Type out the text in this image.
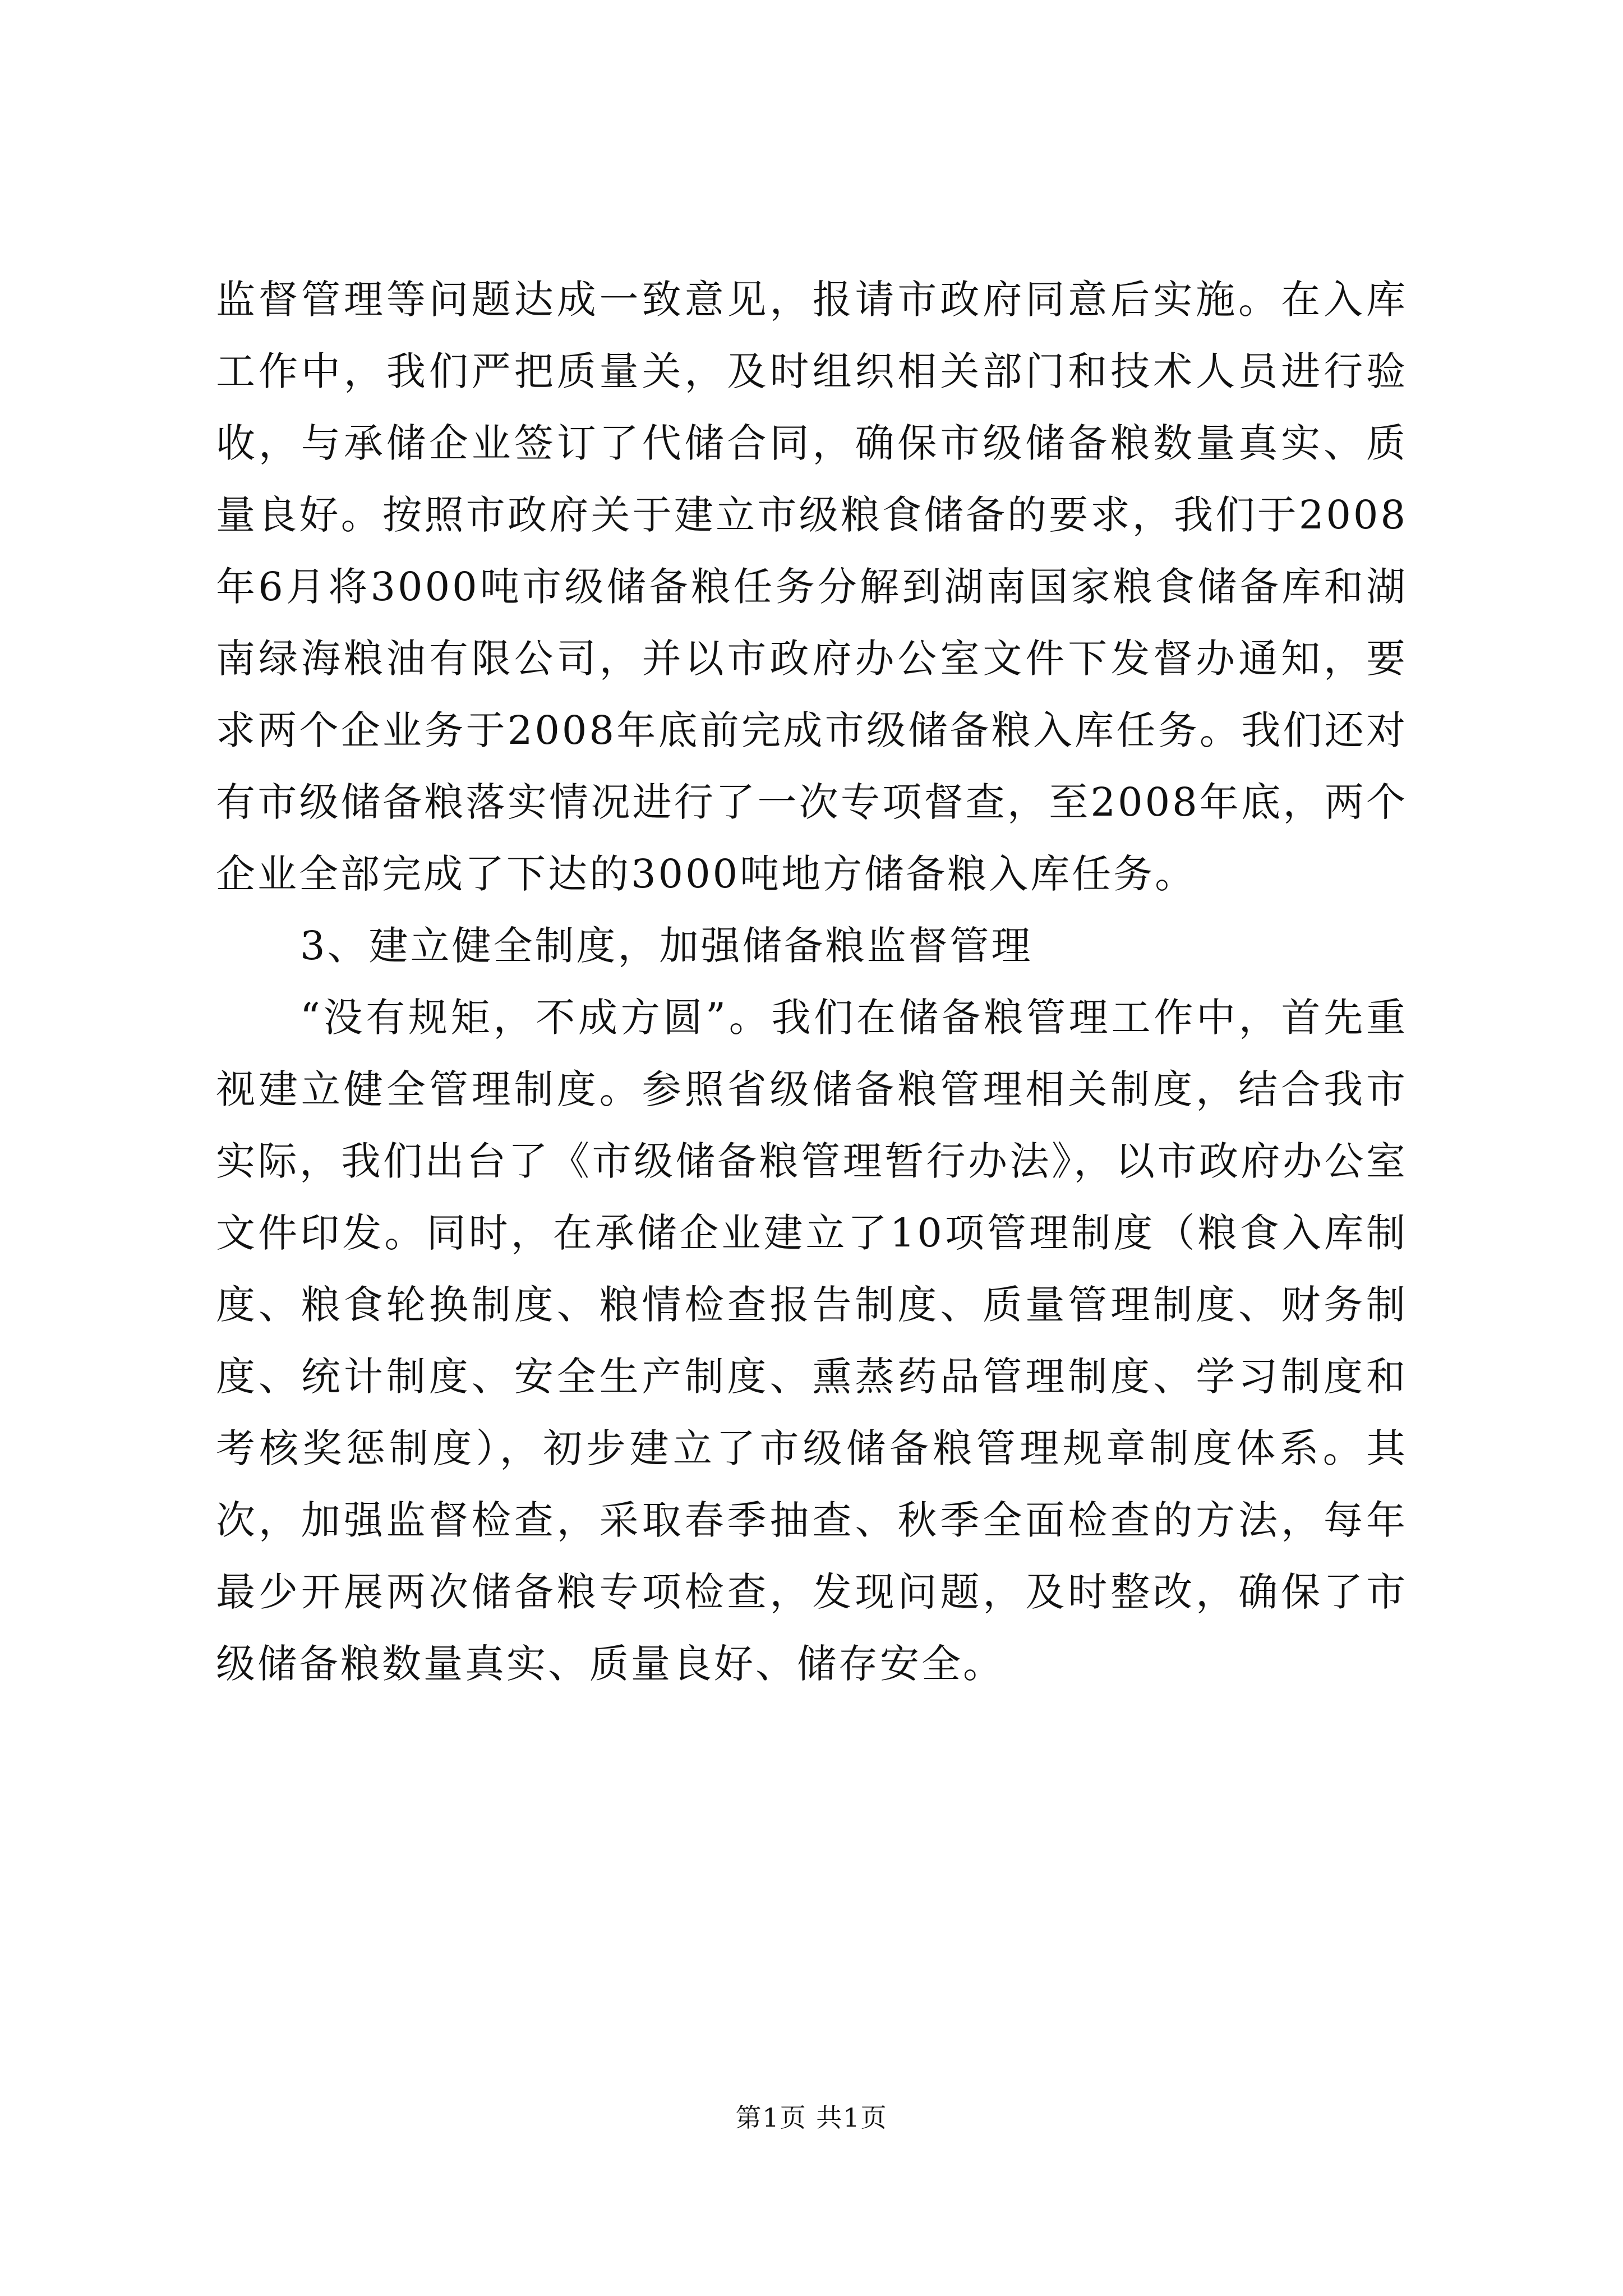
监督管理等问题达成一致意见，报请市政府同意后实施。在入库工作中，我们严把质量关，及时组织相关部门和技术人员进行验收，与承储企业签订了代储合同，确保市级储备粮数量真实、质量良好。按照市政府关于建立市级粮食储备的要求，我们于2008年6月将3000吨市级储备粮任务分解到湖南国家粮食储备库和湖南绿海粮油有限公司，并以市政府办公室文件下发督办通知，要求两个企业务于2008年底前完成市级储备粮入库任务。我们还对有市级储备粮落实情况进行了一次专项督查，至2008年底，两个企业全部完成了下达的3000吨地方储备粮入库任务。

3、建立健全制度，加强储备粮监督管理

“没有规矩，不成方圆”。我们在储备粮管理工作中，首先重视建立健全管理制度。参照省级储备粮管理相关制度，结合我市实际，我们出台了《市级储备粮管理暂行办法》，以市政府办公室文件印发。同时，在承储企业建立了10项管理制度（粮食入库制度、粮食轮换制度、粮情检查报告制度、质量管理制度、财务制度、统计制度、安全生产制度、熏蒸药品管理制度、学习制度和考核奖惩制度），初步建立了市级储备粮管理规章制度体系。其次，加强监督检查，采取春季抽查、秋季全面检查的方法，每年最少开展两次储备粮专项检查，发现问题，及时整改，确保了市级储备粮数量真实、质量良好、储存安全。

第1页 共1页
